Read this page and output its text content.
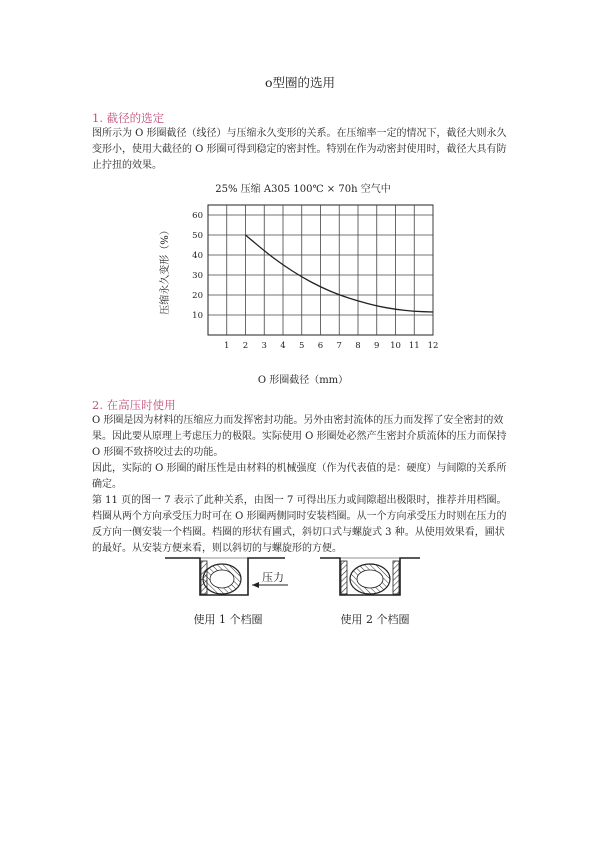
o型圈的选用
1. 截径的选定
图所示为 O 形圈截径（线径）与压缩永久变形的关系。在压缩率一定的情况下，截径大则永久
变形小，使用大截径的 O 形圈可得到稳定的密封性。特别在作为动密封使用时，截径大具有防
止拧扭的效果。
25% 压缩 A305 100℃ × 70h 空气中
压缩永久变形（%）
O 形圈截径（mm）
1 2 3 4 5 6 7 8 9 10 11 12
10
20
30
40
50
60
2. 在高压时使用
O 形圈是因为材料的压缩应力而发挥密封功能。另外由密封流体的压力而发挥了安全密封的效
果。因此要从原理上考虑压力的极限。实际使用 O 形圈处必然产生密封介质流体的压力而保持
O 形圈不致挤咬过去的功能。
因此，实际的 O 形圈的耐压性是由材料的机械强度（作为代表值的是：硬度）与间隙的关系所
确定。
第 11 页的图一 7 表示了此种关系，由图一 7 可得出压力或间隙超出极限时，推荐并用档圈。
档圈从两个方向承受压力时可在 O 形圈两侧同时安装档圈。从一个方向承受压力时则在压力的
反方向一侧安装一个档圈。档圈的形状有圃式，斜切口式与螺旋式 3 种。从使用效果看，圃状
的最好。从安装方便来看，则以斜切的与螺旋形的方便。
压力
使用 1 个档圈	使用 2 个档圈
